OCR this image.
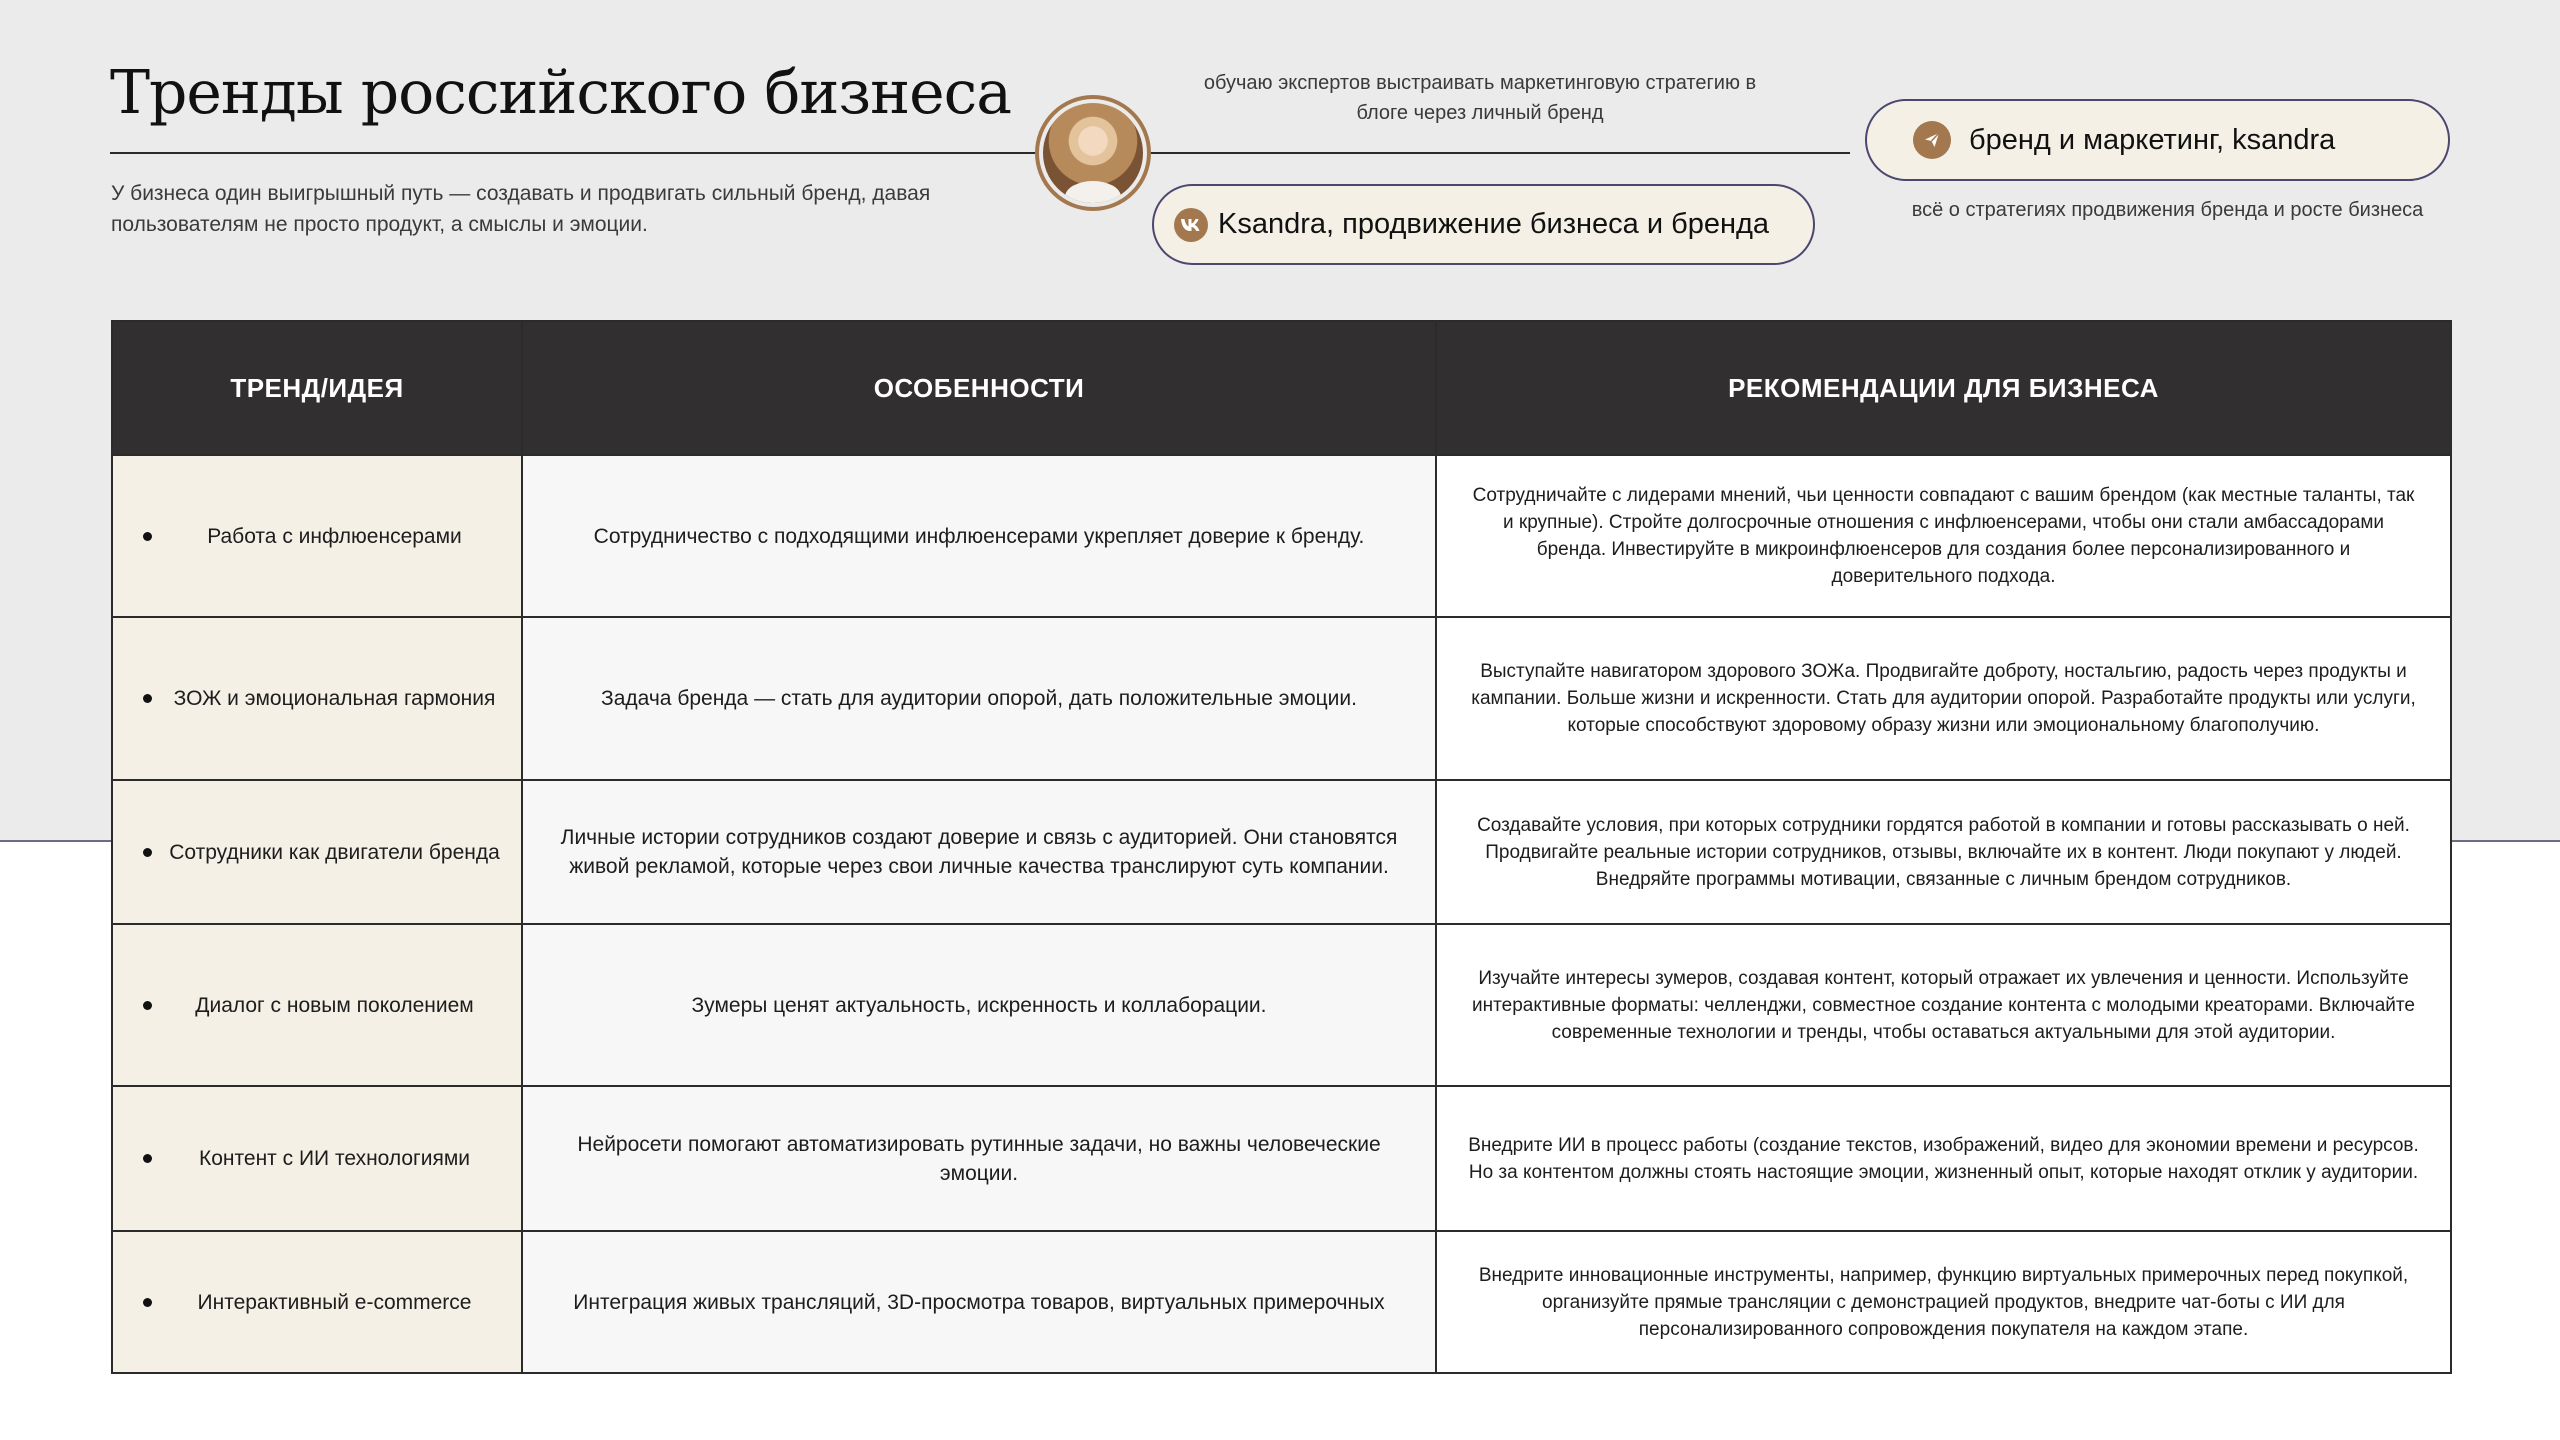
Тренды российского бизнеса

У бизнеса один выигрышный путь — создавать и продвигать сильный бренд, давая пользователям не просто продукт, а смыслы и эмоции.

обучаю экспертов выстраивать маркетинговую стратегию в блоге через личный бренд

бренд и маркетинг, ksandra

всё о стратегиях продвижения бренда и росте бизнеса

Ksandra, продвижение бизнеса и бренда
ТРЕНД/ИДЕЯ	ОСОБЕННОСТИ	РЕКОМЕНДАЦИИ ДЛЯ БИЗНЕСА

Работа с инфлюенсерами	Сотрудничество с подходящими инфлюенсерами укрепляет доверие к бренду.	Сотрудничайте с лидерами мнений, чьи ценности совпадают с вашим брендом (как местные таланты, так и крупные). Стройте долгосрочные отношения с инфлюенсерами, чтобы они стали амбассадорами бренда. Инвестируйте в микроинфлюенсеров для создания более персонализированного и доверительного подхода.

ЗОЖ и эмоциональная гармония	Задача бренда — стать для аудитории опорой, дать положительные эмоции.	Выступайте навигатором здорового ЗОЖа. Продвигайте доброту, ностальгию, радость через продукты и кампании. Больше жизни и искренности. Стать для аудитории опорой. Разработайте продукты или услуги, которые способствуют здоровому образу жизни или эмоциональному благополучию.

Сотрудники как двигатели бренда	Личные истории сотрудников создают доверие и связь с аудиторией. Они становятся живой рекламой, которые через свои личные качества транслируют суть компании.	Создавайте условия, при которых сотрудники гордятся работой в компании и готовы рассказывать о ней. Продвигайте реальные истории сотрудников, отзывы, включайте их в контент. Люди покупают у людей. Внедряйте программы мотивации, связанные с личным брендом сотрудников.

Диалог с новым поколением	Зумеры ценят актуальность, искренность и коллаборации.	Изучайте интересы зумеров, создавая контент, который отражает их увлечения и ценности. Используйте интерактивные форматы: челленджи, совместное создание контента с молодыми креаторами. Включайте современные технологии и тренды, чтобы оставаться актуальными для этой аудитории.

Контент с ИИ технологиями	Нейросети помогают автоматизировать рутинные задачи, но важны человеческие эмоции.	Внедрите ИИ в процесс работы (создание текстов, изображений, видео для экономии времени и ресурсов. Но за контентом должны стоять настоящие эмоции, жизненный опыт, которые находят отклик у аудитории.

Интерактивный e-commerce	Интеграция живых трансляций, 3D-просмотра товаров, виртуальных примерочных	Внедрите инновационные инструменты, например, функцию виртуальных примерочных перед покупкой, организуйте прямые трансляции с демонстрацией продуктов, внедрите чат-боты с ИИ для персонализированного сопровождения покупателя на каждом этапе.
